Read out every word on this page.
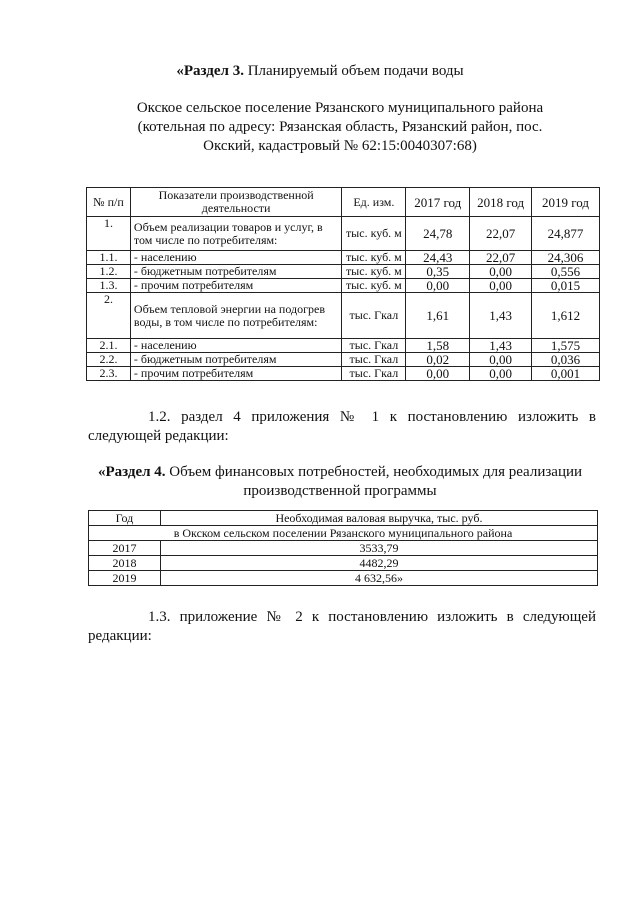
«Раздел 3. Планируемый объем подачи воды
Окское сельское поселение Рязанского муниципального района (котельная по адресу: Рязанская область, Рязанский район, пос. Окский, кадастровый № 62:15:0040307:68)
№ п/п	Показатели производственной деятельности	Ед. изм.	2017 год	2018 год	2019 год
1.	Объем реализации товаров и услуг, в том числе по потребителям:	тыс. куб. м	24,78	22,07	24,877
1.1.	- населению	тыс. куб. м	24,43	22,07	24,306
1.2.	- бюджетным потребителям	тыс. куб. м	0,35	0,00	0,556
1.3.	- прочим потребителям	тыс. куб. м	0,00	0,00	0,015
2.	Объем тепловой энергии на подогрев воды, в том числе по потребителям:	тыс. Гкал	1,61	1,43	1,612
2.1.	- населению	тыс. Гкал	1,58	1,43	1,575
2.2.	- бюджетным потребителям	тыс. Гкал	0,02	0,00	0,036
2.3.	- прочим потребителям	тыс. Гкал	0,00	0,00	0,001
1.2. раздел 4 приложения № 1 к постановлению изложить в следующей редакции:
«Раздел 4. Объем финансовых потребностей, необходимых для реализации производственной программы
Год	Необходимая валовая выручка, тыс. руб.
в Окском сельском поселении Рязанского муниципального района	
2017	3533,79
2018	4482,29
2019	4 632,56»
1.3. приложение № 2 к постановлению изложить в следующей редакции:
